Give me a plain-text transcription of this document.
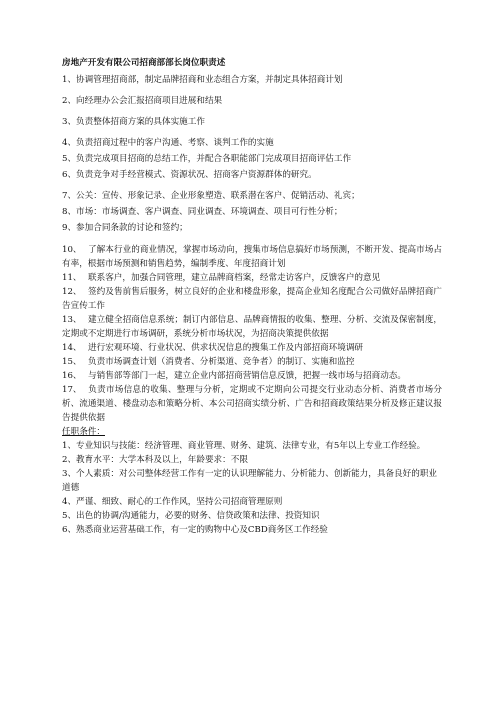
房地产开发有限公司招商部部长岗位职责述
1、协调管理招商部，制定品牌招商和业态组合方案，并制定具体招商计划
2、向经理办公会汇报招商项目进展和结果
3、负责整体招商方案的具体实施工作
4、负责招商过程中的客户沟通、考察、谈判工作的实施
5、负责完成项目招商的总结工作，并配合各职能部门完成项目招商评估工作
6、负责竞争对手经营模式、资源状况、招商客户资源群体的研究。
7、公关：宣传、形象记录、企业形象塑造、联系潜在客户、促销活动、礼宾；
8、市场：市场调查、客户调查、同业调查、环境调查、项目可行性分析；
9、参加合同条款的讨论和签约；
10、 了解本行业的商业情况，掌握市场动向，搜集市场信息搞好市场预测，不断开发、提高市场占有率，根据市场预测和销售趋势，编制季度、年度招商计划
11、 联系客户，加强合同管理，建立品牌商档案，经常走访客户，反馈客户的意见
12、 签约及售前售后服务，树立良好的企业和楼盘形象，提高企业知名度配合公司做好品牌招商广告宣传工作
13、 建立健全招商信息系统；制订内部信息、品牌商情报的收集、整理、分析、交流及保密制度，定期或不定期进行市场调研，系统分析市场状况，为招商决策提供依据
14、 进行宏观环境、行业状况、供求状况信息的搜集工作及内部招商环境调研
15、 负责市场调查计划（消费者、分析渠道、竞争者）的制订、实施和监控
16、 与销售部等部门一起，建立企业内部招商营销信息反馈，把握一线市场与招商动态。
17、 负责市场信息的收集、整理与分析，定期或不定期向公司提交行业动态分析、消费者市场分析、流通渠道、楼盘动态和策略分析、本公司招商实绩分析、广告和招商政策结果分析及修正建议报告提供依据
任职条件：
1、专业知识与技能：经济管理、商业管理、财务、建筑、法律专业，有5年以上专业工作经验。
2、教育水平：大学本科及以上，年龄要求：不限
3、个人素质：对公司整体经营工作有一定的认识理解能力、分析能力、创新能力，具备良好的职业道德
4、严谨、细致、耐心的工作作风，坚持公司招商管理原则
5、出色的协调/沟通能力，必要的财务、信贷政策和法律、投资知识
6、熟悉商业运营基础工作，有一定的购物中心及CBD商务区工作经验
